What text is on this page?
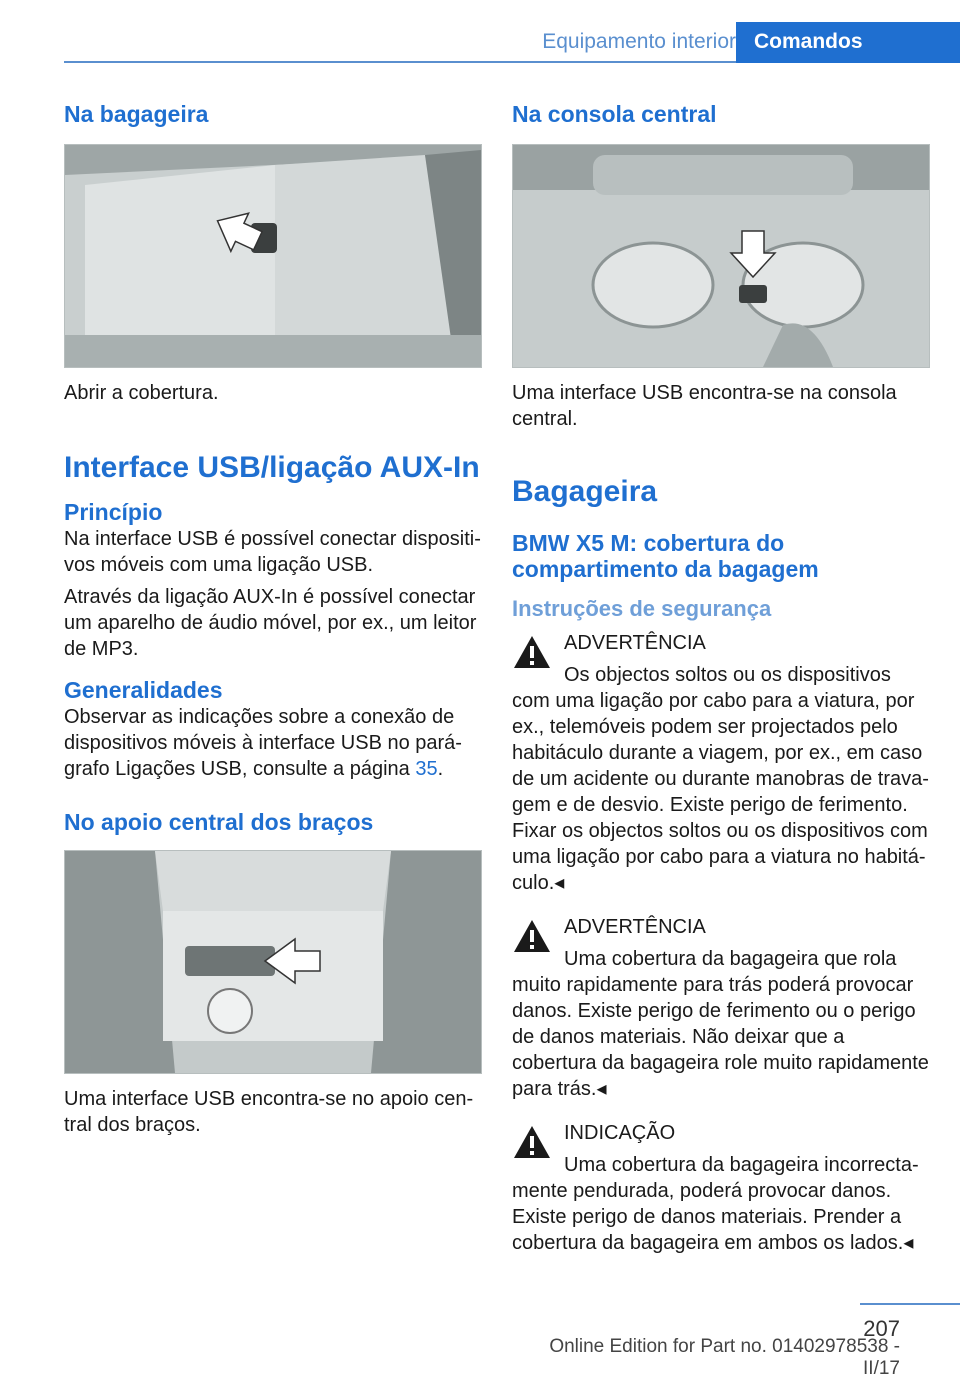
Equipamento interior Comandos
Na bagageira

Abrir a cobertura.

Interface USB/ligação AUX-In
Princípio

Na interface USB é possível conectar dispositi‐vos móveis com uma ligação USB.

Através da ligação AUX-In é possível conectar um aparelho de áudio móvel, por ex., um leitor de MP3.

Generalidades

Observar as indicações sobre a conexão de dispositivos móveis à interface USB no pará‐grafo Ligações USB, consulte a página 35.

No apoio central dos braços

Uma interface USB encontra-se no apoio cen‐tral dos braços.

Na consola central

Uma interface USB encontra-se na consola central.

Bagageira
BMW X5 M: cobertura do compartimento da bagagem
Instruções de segurança
ADVERTÊNCIA

Os objectos soltos ou os dispositivos com uma ligação por cabo para a viatura, por ex., telemóveis podem ser projectados pelo habitáculo durante a viagem, por ex., em caso de um acidente ou durante manobras de trava‐gem e de desvio. Existe perigo de ferimento. Fixar os objectos soltos ou os dispositivos com uma ligação por cabo para a viatura no habitá‐culo.◂

ADVERTÊNCIA

Uma cobertura da bagageira que rola muito rapidamente para trás poderá provocar danos. Existe perigo de ferimento ou o perigo de danos materiais. Não deixar que a cobertura da bagageira role muito rapidamente para trás.◂

INDICAÇÃO

Uma cobertura da bagageira incorrecta‐mente pendurada, poderá provocar danos. Existe perigo de danos materiais. Prender a cobertura da bagageira em ambos os lados.◂

207
Online Edition for Part no. 01402978538 - II/17
